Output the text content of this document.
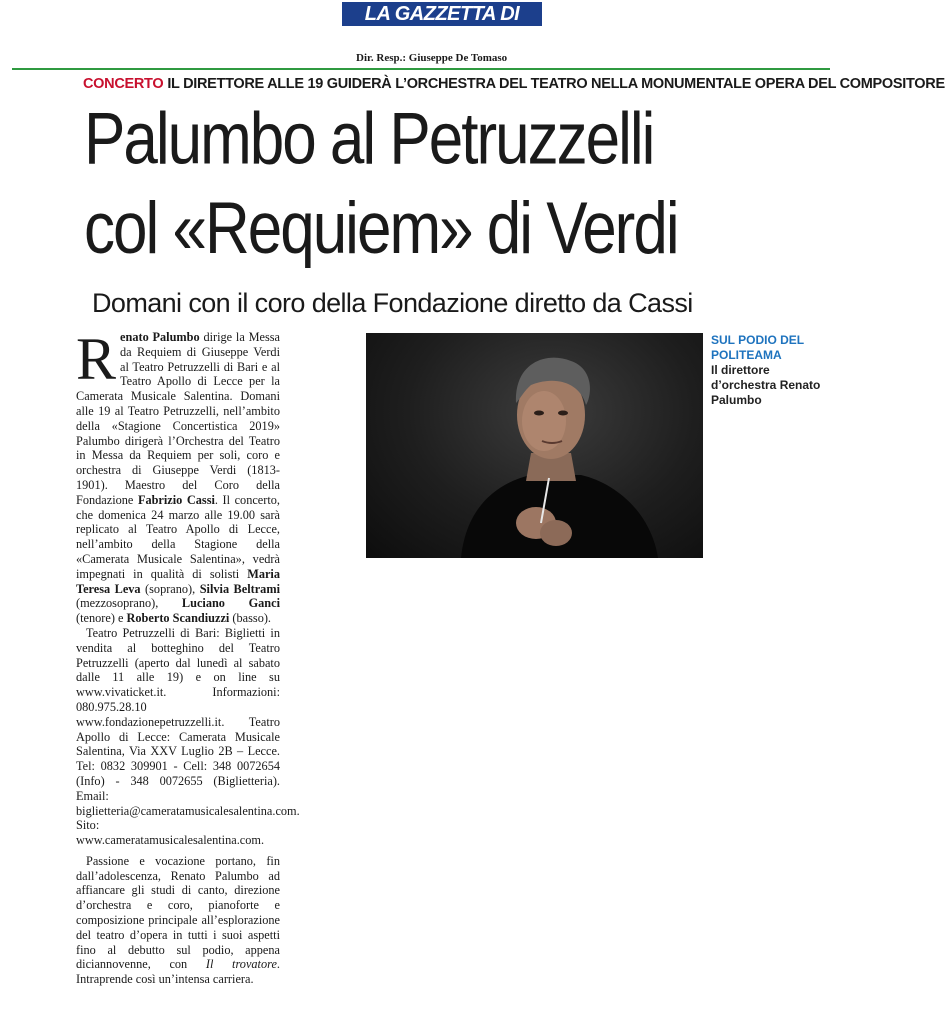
LA GAZZETTA DI BARI
Dir. Resp.: Giuseppe De Tomaso
CONCERTO IL DIRETTORE ALLE 19 GUIDERÀ L’ORCHESTRA DEL TEATRO NELLA MONUMENTALE OPERA DEL COMPOSITORE
Palumbo al Petruzzelli
col «Requiem» di Verdi
Domani con il coro della Fondazione diretto da Cassi

Renato Palumbo dirige la Messa da Requiem di Giuseppe Verdi al Teatro Petruzzelli di Bari e al Teatro Apollo di Lecce per la Camerata Musicale Salentina. Domani alle 19 al Teatro Petruzzelli, nell’ambito della «Stagione Concertistica 2019» Palumbo dirigerà l’Orchestra del Teatro in Messa da Requiem per soli, coro e orchestra di Giuseppe Verdi (1813-1901). Maestro del Coro della Fondazione Fabrizio Cassi. Il concerto, che domenica 24 marzo alle 19.00 sarà replicato al Teatro Apollo di Lecce, nell’ambito della Stagione della «Camerata Musicale Salentina», vedrà impegnati in qualità di solisti Maria Teresa Leva (soprano), Silvia Beltrami (mezzosoprano), Luciano Ganci (tenore) e Roberto Scandiuzzi (basso).

Teatro Petruzzelli di Bari: Biglietti in vendita al botteghino del Teatro Petruzzelli (aperto dal lunedì al sabato dalle 11 alle 19) e on line su www.vivaticket.it. Informazioni: 080.975.28.10 www.fondazionepetruzzelli.it. Teatro Apollo di Lecce: Camerata Musicale Salentina, Via XXV Luglio 2B – Lecce. Tel: 0832 309901 - Cell: 348 0072654 (Info) - 348 0072655 (Biglietteria). Email: biglietteria@cameratamusicalesalentina.com. Sito: www.cameratamusicalesalentina.com.

Passione e vocazione portano, fin dall’adolescenza, Renato Palumbo ad affiancare gli studi di canto, direzione d’orchestra e coro, pianoforte e composizione principale all’esplorazione del teatro d’opera in tutti i suoi aspetti fino al debutto sul podio, appena diciannovenne, con Il trovatore. Intraprende così un’intensa carriera.

SUL PODIO DEL POLITEAMA
Il direttore d’orchestra Renato Palumbo
